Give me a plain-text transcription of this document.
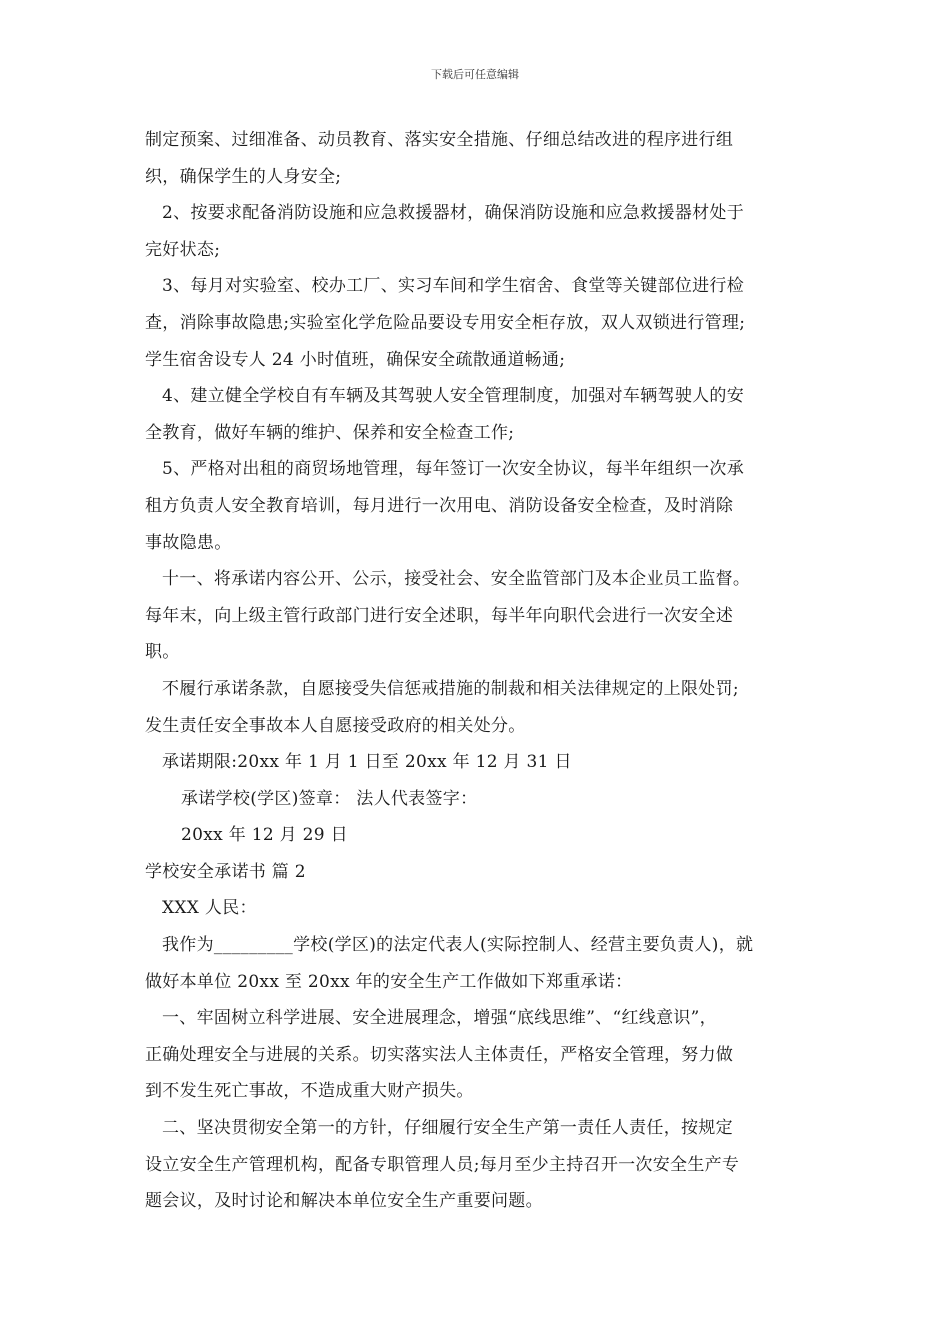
下载后可任意编辑
制定预案、过细准备、动员教育、落实安全措施、仔细总结改进的程序进行组
织，确保学生的人身安全;
2、按要求配备消防设施和应急救援器材，确保消防设施和应急救援器材处于
完好状态;
3、每月对实验室、校办工厂、实习车间和学生宿舍、食堂等关键部位进行检
查，消除事故隐患;实验室化学危险品要设专用安全柜存放，双人双锁进行管理;
学生宿舍设专人 24 小时值班，确保安全疏散通道畅通;
4、建立健全学校自有车辆及其驾驶人安全管理制度，加强对车辆驾驶人的安
全教育，做好车辆的维护、保养和安全检查工作;
5、严格对出租的商贸场地管理，每年签订一次安全协议，每半年组织一次承
租方负责人安全教育培训，每月进行一次用电、消防设备安全检查，及时消除
事故隐患。
十一、将承诺内容公开、公示，接受社会、安全监管部门及本企业员工监督。
每年末，向上级主管行政部门进行安全述职，每半年向职代会进行一次安全述
职。
不履行承诺条款，自愿接受失信惩戒措施的制裁和相关法律规定的上限处罚;
发生责任安全事故本人自愿接受政府的相关处分。
承诺期限:20xx 年 1 月 1 日至 20xx 年 12 月 31 日
承诺学校(学区)签章： 法人代表签字：
20xx 年 12 月 29 日
学校安全承诺书 篇 2
XXX 人民：
我作为_________学校(学区)的法定代表人(实际控制人、经营主要负责人)，就
做好本单位 20xx 至 20xx 年的安全生产工作做如下郑重承诺：
一、牢固树立科学进展、安全进展理念，增强“底线思维”、“红线意识”，
正确处理安全与进展的关系。切实落实法人主体责任，严格安全管理，努力做
到不发生死亡事故，不造成重大财产损失。
二、坚决贯彻安全第一的方针，仔细履行安全生产第一责任人责任，按规定
设立安全生产管理机构，配备专职管理人员;每月至少主持召开一次安全生产专
题会议，及时讨论和解决本单位安全生产重要问题。
